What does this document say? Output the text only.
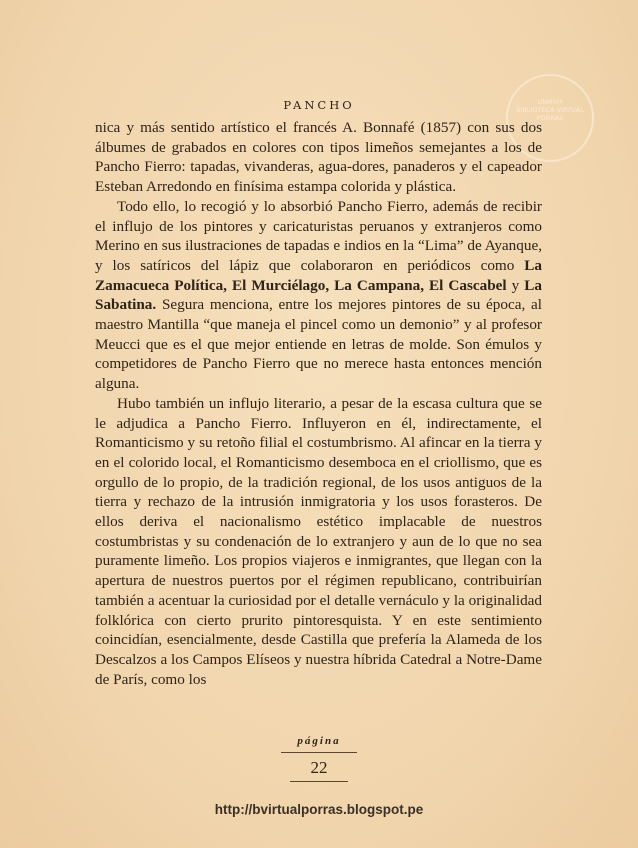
PANCHO	UNMSM
BIBLIOTECA VIRTUAL
PORRAS

nica y más sentido artístico el francés A. Bonnafé (1857) con sus dos álbumes de grabados en colores con tipos limeños semejantes a los de Pancho Fierro: tapadas, vivanderas, agua-dores, panaderos y el capeador Esteban Arredondo en finísima estampa colorida y plástica.

Todo ello, lo recogió y lo absorbió Pancho Fierro, además de recibir el influjo de los pintores y caricaturistas peruanos y extranjeros como Merino en sus ilustraciones de tapadas e indios en la “Lima” de Ayanque, y los satíricos del lápiz que colaboraron en periódicos como La Zamacueca Política, El Murciélago, La Campana, El Cascabel y La Sabatina. Segura menciona, entre los mejores pintores de su época, al maestro Mantilla “que maneja el pincel como un demonio” y al profesor Meucci que es el que mejor entiende en letras de molde. Son émulos y competidores de Pancho Fierro que no merece hasta entonces mención alguna.

Hubo también un influjo literario, a pesar de la escasa cultura que se le adjudica a Pancho Fierro. Influyeron en él, indirectamente, el Romanticismo y su retoño filial el costumbrismo. Al afincar en la tierra y en el colorido local, el Romanticismo desemboca en el criollismo, que es orgullo de lo propio, de la tradición regional, de los usos antiguos de la tierra y rechazo de la intrusión inmigratoria y los usos forasteros. De ellos deriva el nacionalismo estético implacable de nuestros costumbristas y su condenación de lo extranjero y aun de lo que no sea puramente limeño. Los propios viajeros e inmigrantes, que llegan con la apertura de nuestros puertos por el régimen republicano, contribuirían también a acentuar la curiosidad por el detalle vernáculo y la originalidad folklórica con cierto prurito pintoresquista. Y en este sentimiento coincidían, esencialmente, desde Castilla que prefería la Alameda de los Descalzos a los Campos Elíseos y nuestra híbrida Catedral a Notre-Dame de París, como los

página
22
http://bvirtualporras.blogspot.pe
